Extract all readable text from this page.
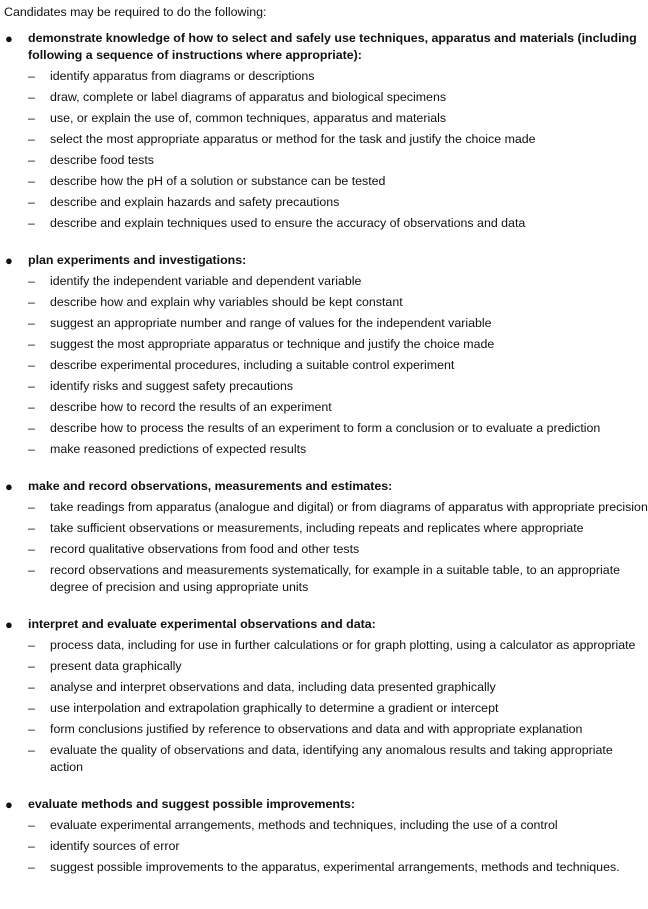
Candidates may be required to do the following:
● demonstrate knowledge of how to select and safely use techniques, apparatus and materials (including following a sequence of instructions where appropriate):
– identify apparatus from diagrams or descriptions
– draw, complete or label diagrams of apparatus and biological specimens
– use, or explain the use of, common techniques, apparatus and materials
– select the most appropriate apparatus or method for the task and justify the choice made
– describe food tests
– describe how the pH of a solution or substance can be tested
– describe and explain hazards and safety precautions
– describe and explain techniques used to ensure the accuracy of observations and data
● plan experiments and investigations:
– identify the independent variable and dependent variable
– describe how and explain why variables should be kept constant
– suggest an appropriate number and range of values for the independent variable
– suggest the most appropriate apparatus or technique and justify the choice made
– describe experimental procedures, including a suitable control experiment
– identify risks and suggest safety precautions
– describe how to record the results of an experiment
– describe how to process the results of an experiment to form a conclusion or to evaluate a prediction
– make reasoned predictions of expected results
● make and record observations, measurements and estimates:
– take readings from apparatus (analogue and digital) or from diagrams of apparatus with appropriate precision
– take sufficient observations or measurements, including repeats and replicates where appropriate
– record qualitative observations from food and other tests
– record observations and measurements systematically, for example in a suitable table, to an appropriate degree of precision and using appropriate units
● interpret and evaluate experimental observations and data:
– process data, including for use in further calculations or for graph plotting, using a calculator as appropriate
– present data graphically
– analyse and interpret observations and data, including data presented graphically
– use interpolation and extrapolation graphically to determine a gradient or intercept
– form conclusions justified by reference to observations and data and with appropriate explanation
– evaluate the quality of observations and data, identifying any anomalous results and taking appropriate action
● evaluate methods and suggest possible improvements:
– evaluate experimental arrangements, methods and techniques, including the use of a control
– identify sources of error
– suggest possible improvements to the apparatus, experimental arrangements, methods and techniques.
